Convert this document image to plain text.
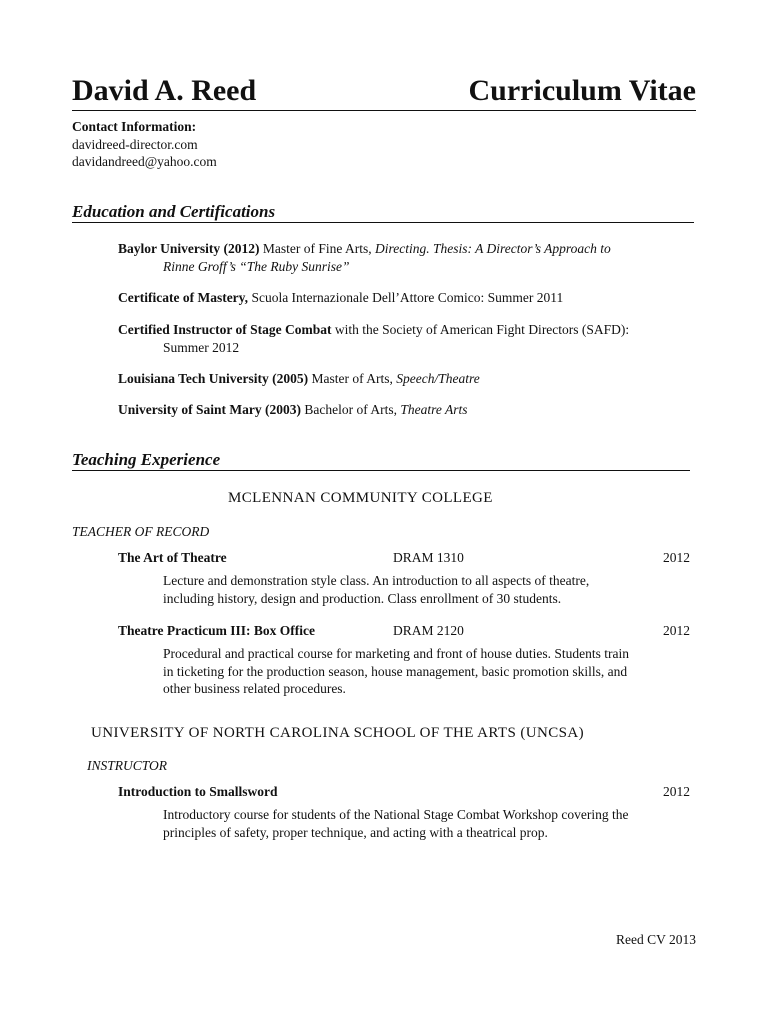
David A. Reed	Curriculum Vitae
Contact Information:
davidreed-director.com
davidandreed@yahoo.com
Education and Certifications
Baylor University (2012) Master of Fine Arts, Directing. Thesis: A Director’s Approach to
Rinne Groff’s “The Ruby Sunrise”
Certificate of Mastery, Scuola Internazionale Dell’Attore Comico: Summer 2011
Certified Instructor of Stage Combat with the Society of American Fight Directors (SAFD):
Summer 2012
Louisiana Tech University (2005) Master of Arts, Speech/Theatre
University of Saint Mary (2003) Bachelor of Arts, Theatre Arts
Teaching Experience
MCLENNAN COMMUNITY COLLEGE
TEACHER OF RECORD
The Art of Theatre	DRAM 1310	2012
Lecture and demonstration style class. An introduction to all aspects of theatre,
including history, design and production. Class enrollment of 30 students.
Theatre Practicum III: Box Office	DRAM 2120	2012
Procedural and practical course for marketing and front of house duties. Students train
in ticketing for the production season, house management, basic promotion skills, and
other business related procedures.
UNIVERSITY OF NORTH CAROLINA SCHOOL OF THE ARTS (UNCSA)
INSTRUCTOR
Introduction to Smallsword	2012
Introductory course for students of the National Stage Combat Workshop covering the
principles of safety, proper technique, and acting with a theatrical prop.
Reed CV 2013
